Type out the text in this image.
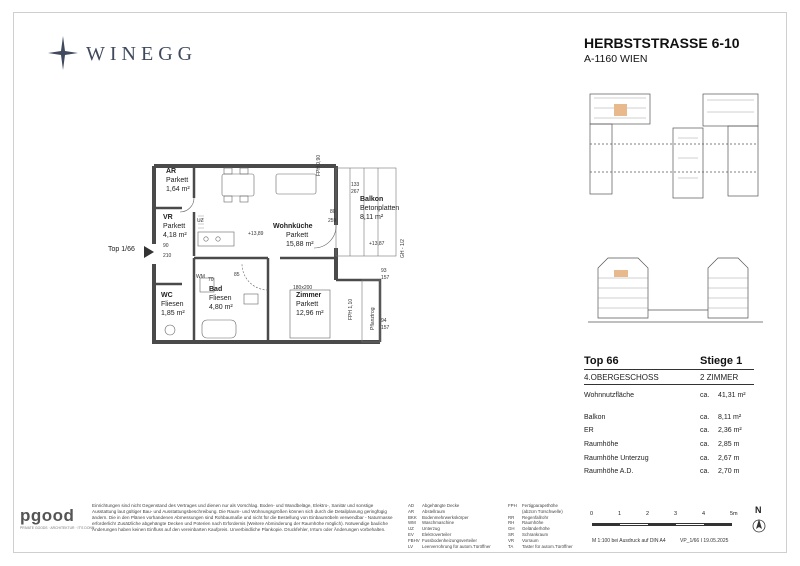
WINEGG	HERBSTSTRASSE 6-10
A-1160 WIEN
Top 66	Stiege 1
4.OBERGESCHOSS	2 ZIMMER
Wohnnutzfläche	ca. 41,31 m²
Balkon	ca. 8,11 m²
ER	ca. 2,36 m²
Raumhöhe	ca. 2,85 m
Raumhöhe Unterzug	ca. 2,67 m
Raumhöhe A.D.	ca. 2,70 m
Top 1/66
AR
Parkett
1,64 m²
VR
Parkett
4,18 m²
WC
Fliesen
1,85 m²
Bad
Fliesen
4,80 m²
Wohnküche
Parkett
15,88 m²
180x200
Zimmer
Parkett
12,96 m²
Balkon
Betonplatten
8,11 m²
+13,89
+13,87
WM
UZ
133
267
259
80
90
210
85
70
93
157
94
157
FPH 0,90
FPH 1,10
GH - 1/2
Pflanztrog
pgood
PRIVATE GOODS · ARCHITEKTUR · IT'S DONE
Einrichtungen sind nicht Gegenstand des Vertrages und dienen nur als Vorschlag. Boden- und Wandbeläge, Elektro-, Sanitär und sonstige Ausstattung laut gültiger Bau- und Ausstattungsbeschreibung. Die Raum- und Wohnungsgrößen können sich durch die Detailplanung geringfügig ändern. Die in den Plänen vorhandenen Abmessungen sind Rohbaumaße und nicht für die Bestellung von Einbaumöbeln verwendbar - Naturmasse erforderlich! Zusätzliche abgehängte Decken und Poterien nach Erfordernis (Weitere Abminderung der Raumhöhe möglich). Notwendige bauliche Änderungen haben keinen Einfluss auf den vereinbarten Kaufpreis. Unverbindliche Plankopie. Druckfehler, Irrtum oder Änderungen vorbehalten.
AD	Abgehängte Decke
AR	Abstellraum
BKK	Bodenmehrwerkskörper
WM	Waschmaschine
UZ	Unterzug
EV	Elektroverteiler
FBHV Fussbodenheizungsverteiler
LV	Leerverrohrung für autom.Türöffner
FPH	Fertigparapethöhe
(ab2cm Türschwelle)
RR	Regenfallrohr
RH	Raumhöhe
GH	Geländerhöhe
SR	Schrankraum
VR	Vorraum
TA	Taster für autom.Türöffner
0	1	2	3	4	5m N
M 1:100 bei Ausdruck auf DIN A4	VP_1/66 I 19.05.2025
